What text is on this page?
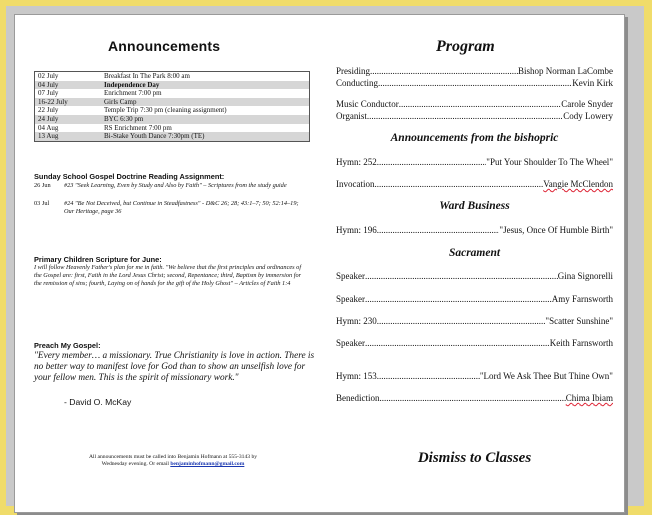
Announcements
02 July	Breakfast In The Park 8:00 am
04 July	Independence Day
07 July	Enrichment 7:00 pm
16-22 July	Girls Camp
22 July	Temple Trip 7:30 pm (cleaning assignment)
24 July	BYC 6:30 pm
04 Aug	RS Enrichment 7:00 pm
13 Aug	Bi-Stake Youth Dance 7:30pm (TE)
Sunday School Gospel Doctrine Reading Assignment:
26 Jun	#23 "Seek Learning, Even by Study and Also by Faith" – Scriptures from the study guide
03 Jul	#24 "Be Not Deceived, but Continue in Steadfastness" - D&C 26; 28; 43:1–7; 50; 52:14–19; Our Heritage, page 36
Primary Children Scripture for June:
I will follow Heavenly Father's plan for me in faith. "We believe that the first principles and ordinances of the Gospel are: first, Faith in the Lord Jesus Christ; second, Repentance; third, Baptism by immersion for the remission of sins; fourth, Laying on of hands for the gift of the Holy Ghost" – Articles of Faith 1:4
Preach My Gospel:
"Every member… a missionary. True Christianity is love in action. There is no better way to manifest love for God than to show an unselfish love for your fellow men. This is the spirit of missionary work."
- David O. McKay
All announcements must be called into Benjamin Hofmann at 555-3143 by
Wednesday evening. Or email benjaminhofmann@gmail.com
Program
Presiding .....	Bishop Norman LaCombe
Conducting .....	Kevin Kirk
Music Conductor .....	Carole Snyder
Organist .....	Cody Lowery
Announcements from the bishopric
Hymn: 252 .....	"Put Your Shoulder To The Wheel"
Invocation .....	Vangie McClendon
Ward Business
Hymn: 196 .....	"Jesus, Once Of Humble Birth"
Sacrament
Speaker .....	Gina Signorelli
Speaker .....	Amy Farnsworth
Hymn: 230 .....	"Scatter Sunshine"
Speaker .....	Keith Farnsworth
Hymn: 153 .....	"Lord We Ask Thee But Thine Own"
Benediction .....	Chima Ibiam
Dismiss to Classes
